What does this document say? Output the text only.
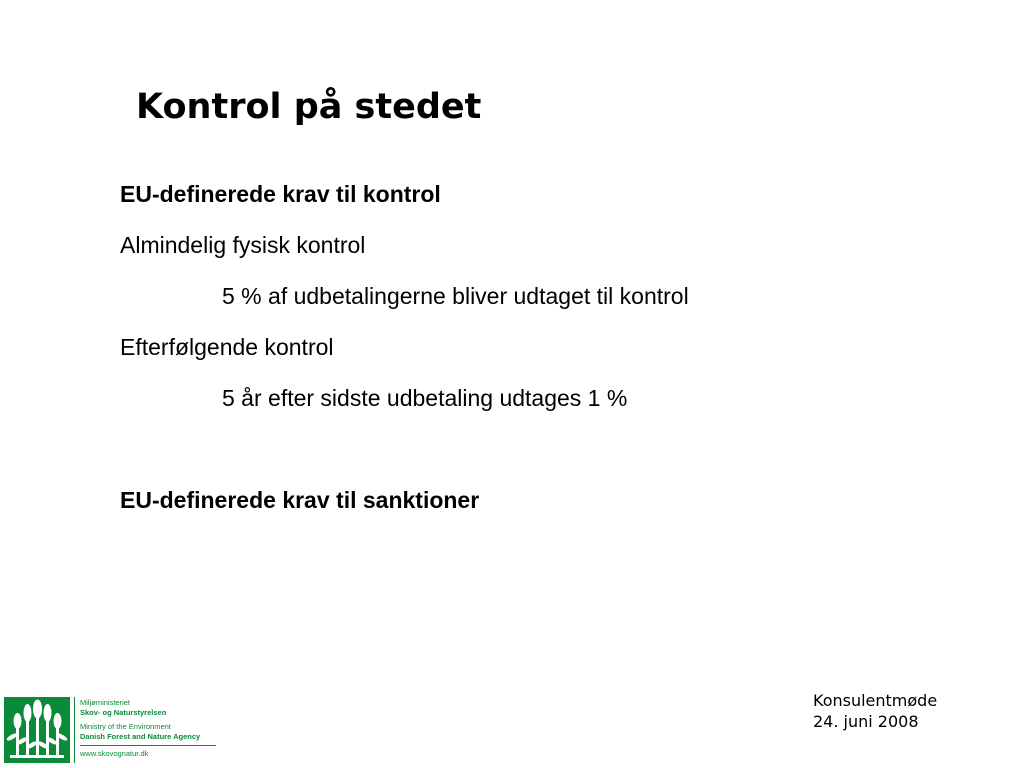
Kontrol på stedet
EU-definerede krav til kontrol
Almindelig fysisk kontrol
5 % af udbetalingerne bliver udtaget til kontrol
Efterfølgende kontrol
5 år efter sidste udbetaling udtages 1 %
EU-definerede krav til sanktioner
Konsulentmøde
24. juni 2008
Miljøministeriet
Skov- og Naturstyrelsen
Ministry of the Environment
Danish Forest and Nature Agency
www.skovognatur.dk
